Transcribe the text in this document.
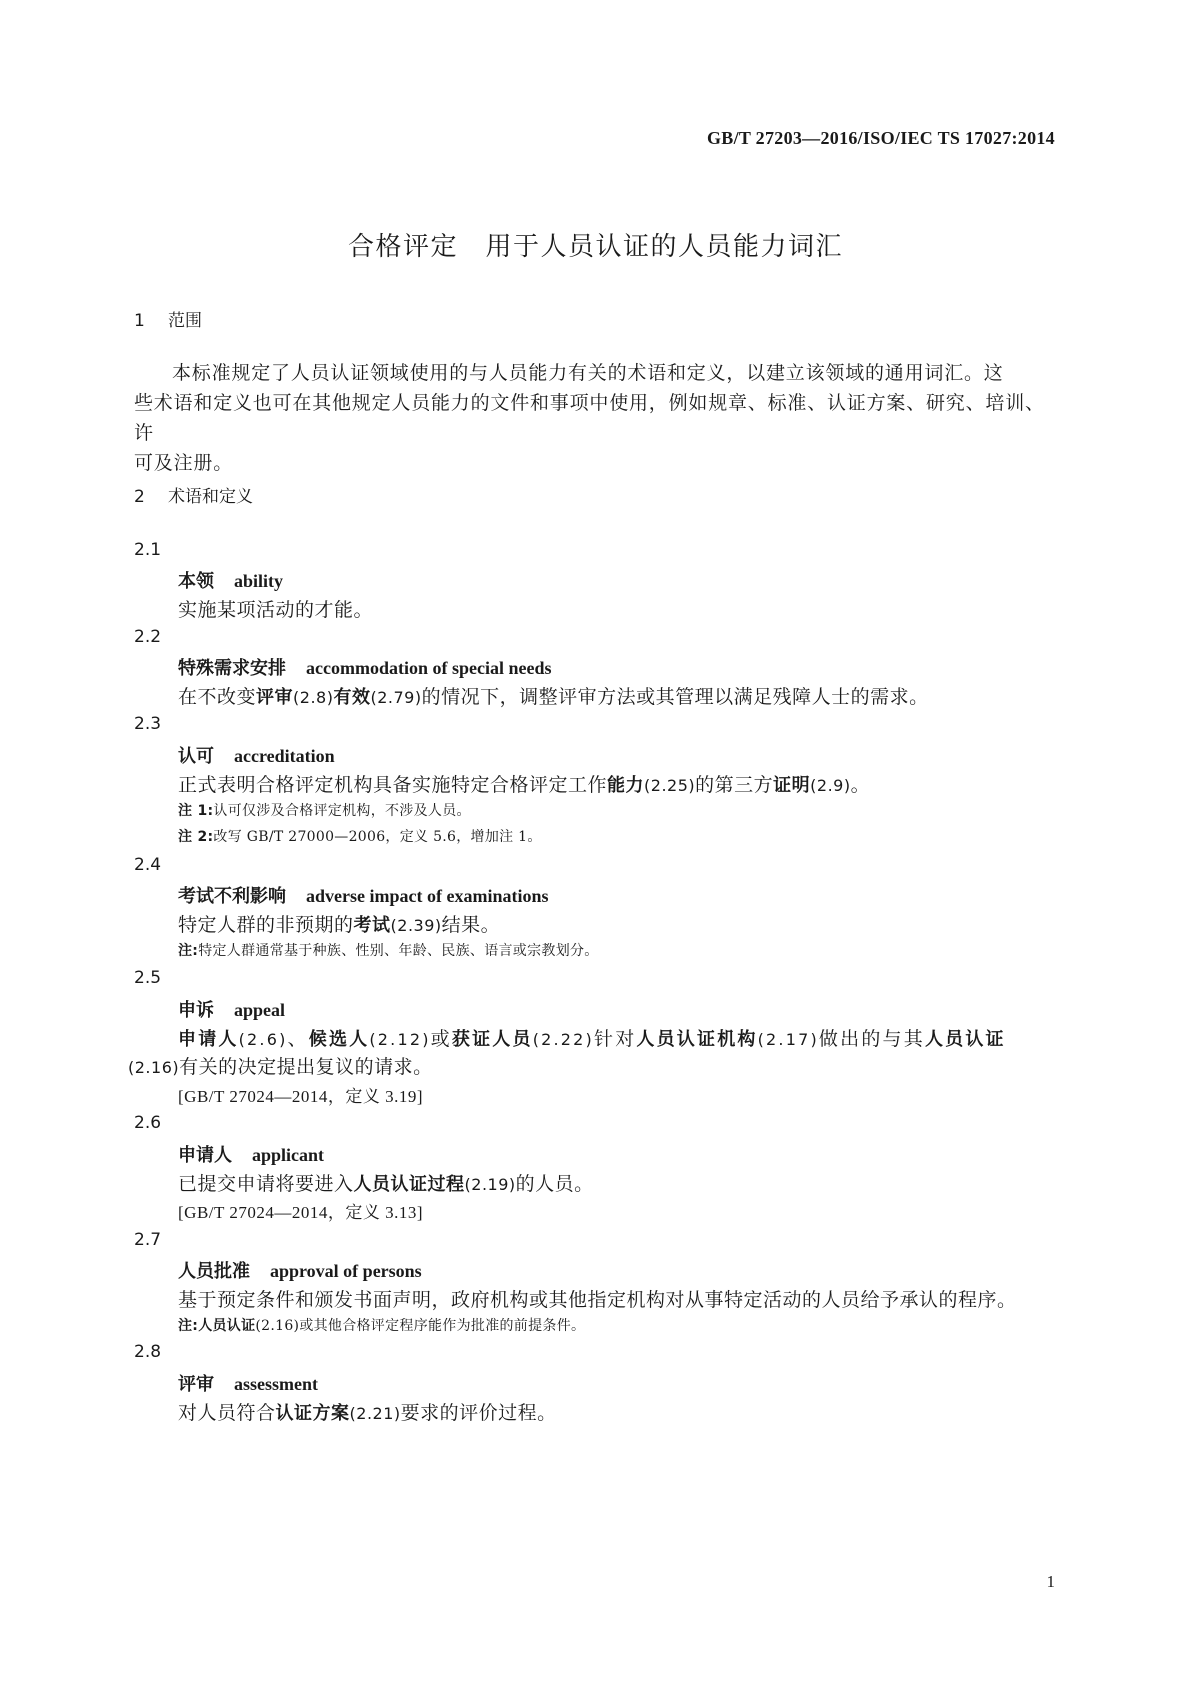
GB/T 27203—2016/ISO/IEC TS 17027:2014
合格评定　用于人员认证的人员能力词汇
1 范围
本标准规定了人员认证领域使用的与人员能力有关的术语和定义，以建立该领域的通用词汇。这
些术语和定义也可在其他规定人员能力的文件和事项中使用，例如规章、标准、认证方案、研究、培训、许
可及注册。
2 术语和定义
2.1
本领 ability
实施某项活动的才能。
2.2
特殊需求安排 accommodation of special needs
在不改变评审(2.8)有效(2.79)的情况下，调整评审方法或其管理以满足残障人士的需求。
2.3
认可 accreditation
正式表明合格评定机构具备实施特定合格评定工作能力(2.25)的第三方证明(2.9)。
注 1:认可仅涉及合格评定机构，不涉及人员。
注 2:改写 GB/T 27000—2006，定义 5.6，增加注 1。
2.4
考试不利影响 adverse impact of examinations
特定人群的非预期的考试(2.39)结果。
注:特定人群通常基于种族、性别、年龄、民族、语言或宗教划分。
2.5
申诉 appeal
申请人(2.6)、候选人(2.12)或获证人员(2.22)针对人员认证机构(2.17)做出的与其人员认证
(2.16)有关的决定提出复议的请求。
[GB/T 27024—2014，定义 3.19]
2.6
申请人 applicant
已提交申请将要进入人员认证过程(2.19)的人员。
[GB/T 27024—2014，定义 3.13]
2.7
人员批准 approval of persons
基于预定条件和颁发书面声明，政府机构或其他指定机构对从事特定活动的人员给予承认的程序。
注:人员认证(2.16)或其他合格评定程序能作为批准的前提条件。
2.8
评审 assessment
对人员符合认证方案(2.21)要求的评价过程。
1
